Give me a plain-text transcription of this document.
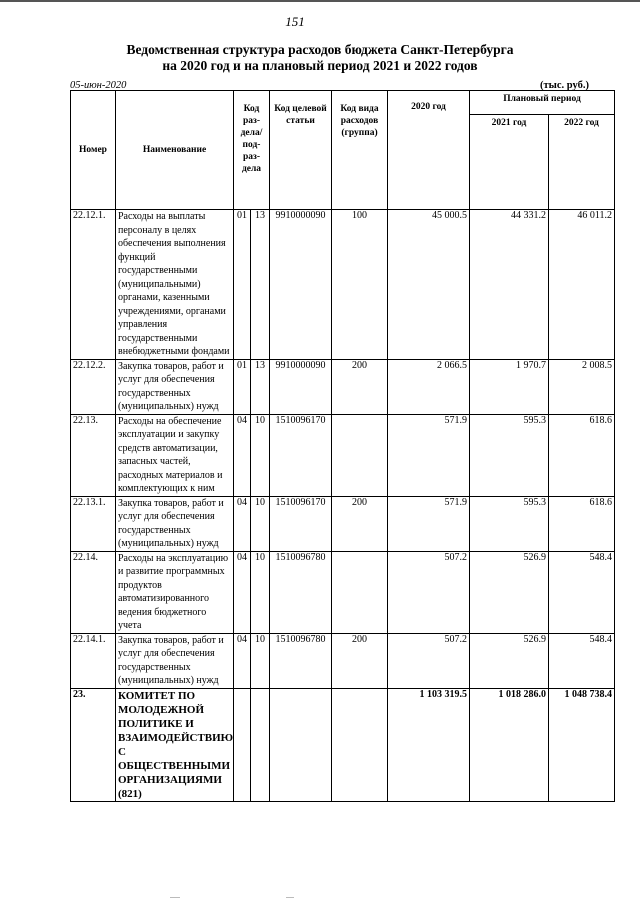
151
Ведомственная структура расходов бюджета Санкт-Петербурга
на 2020 год и на плановый период 2021 и 2022 годов
05-июн-2020	(тыс. руб.)
Номер	Наименование	Код раз-дела/ под-раз-дела		Код целевой статьи	Код вида расходов (группа)	2020 год	Плановый период	
							2021 год	2022 год
22.12.1.	Расходы на выплаты персоналу в целях обеспечения выполнения функций государственными (муниципальными) органами, казенными учреждениями, органами управления государственными внебюджетными фондами	01	13	9910000090	100	45 000.5	44 331.2	46 011.2
22.12.2.	Закупка товаров, работ и услуг для обеспечения государственных (муниципальных) нужд	01	13	9910000090	200	2 066.5	1 970.7	2 008.5
22.13.	Расходы на обеспечение эксплуатации и закупку средств автоматизации, запасных частей, расходных материалов и комплектующих к ним	04	10	1510096170		571.9	595.3	618.6
22.13.1.	Закупка товаров, работ и услуг для обеспечения государственных (муниципальных) нужд	04	10	1510096170	200	571.9	595.3	618.6
22.14.	Расходы на эксплуатацию и развитие программных продуктов автоматизированного ведения бюджетного учета	04	10	1510096780		507.2	526.9	548.4
22.14.1.	Закупка товаров, работ и услуг для обеспечения государственных (муниципальных) нужд	04	10	1510096780	200	507.2	526.9	548.4
23.	КОМИТЕТ ПО МОЛОДЕЖНОЙ ПОЛИТИКЕ И ВЗАИМОДЕЙСТВИЮ С ОБЩЕСТВЕННЫМИ ОРГАНИЗАЦИЯМИ (821)					1 103 319.5	1 018 286.0	1 048 738.4
